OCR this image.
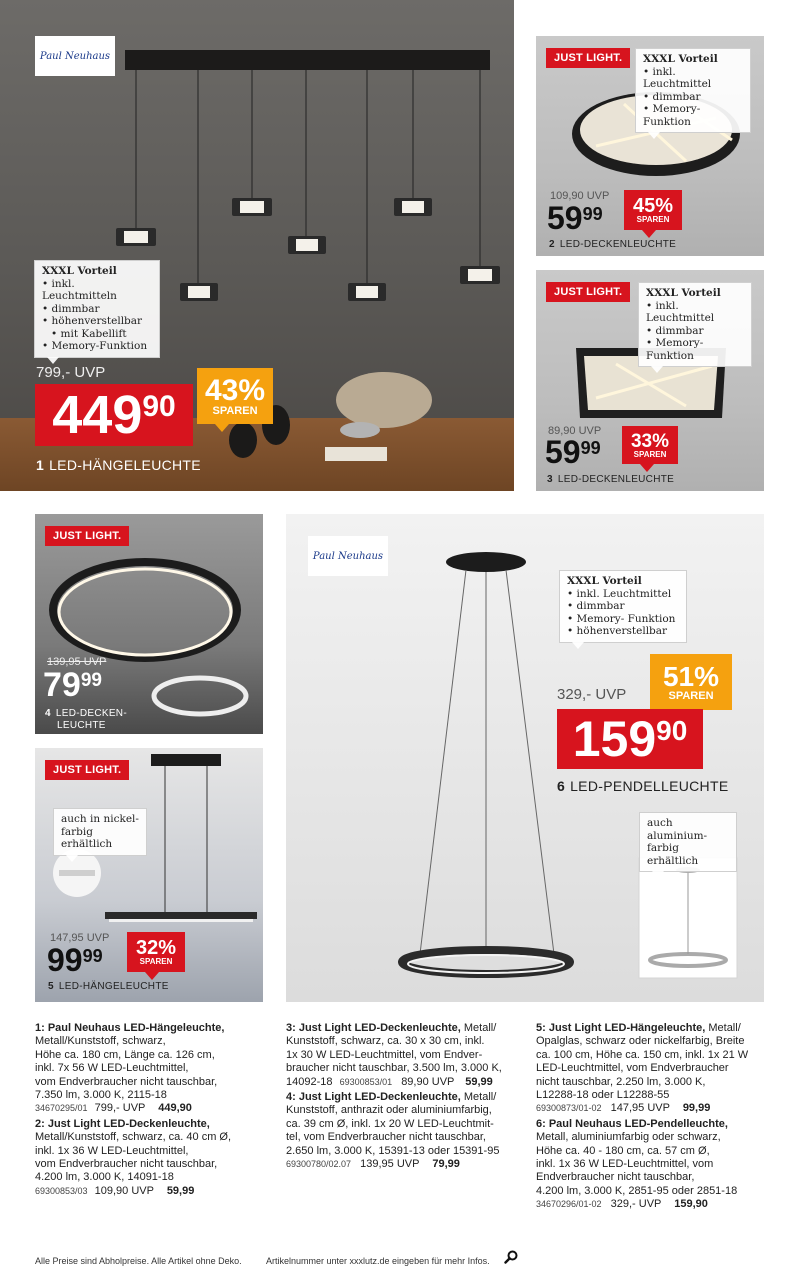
Paul Neuhaus
XXXL Vorteil
• inkl. Leuchtmitteln
• dimmbar
• höhenverstellbar
• mit Kabellift
• Memory-Funktion
799,- UVP
449 90 43%
SPAREN
1 LED-HÄNGELEUCHTE
JUST LIGHT.	XXXL Vorteil
• inkl. Leuchtmittel
• dimmbar
• Memory-Funktion
109,90 UVP
59 99 45%
SPAREN
2 LED-DECKENLEUCHTE
JUST LIGHT.	XXXL Vorteil
• inkl. Leuchtmittel
• dimmbar
• Memory-Funktion
89,90 UVP
59 99 33%
SPAREN
3 LED-DECKENLEUCHTE
JUST LIGHT.
139,95 UVP
79 99
4 LED-DECKEN-
LEUCHTE
JUST LIGHT.
auch in nickel-
farbig erhältlich
147,95 UVP
99 99 32%
SPAREN
5 LED-HÄNGELEUCHTE
Paul Neuhaus
XXXL Vorteil
• inkl. Leuchtmittel
• dimmbar
• Memory- Funktion
• höhenverstellbar
329,- UVP
51%
SPAREN
159 90
6 LED-PENDELLEUCHTE
auch aluminium-
farbig erhältlich
1: Paul Neuhaus LED-Hängeleuchte,
Metall/Kunststoff, schwarz,
Höhe ca. 180 cm, Länge ca. 126 cm,
inkl. 7x 56 W LED-Leuchtmittel,
vom Endverbraucher nicht tauschbar,
7.350 lm, 3.000 K, 2115-18
34670295/01 799,- UVP 449,90
2: Just Light LED-Deckenleuchte,
Metall/Kunststoff, schwarz, ca. 40 cm Ø,
inkl. 1x 36 W LED-Leuchtmittel,
vom Endverbraucher nicht tauschbar,
4.200 lm, 3.000 K, 14091-18
69300853/03 109,90 UVP 59,99
3: Just Light LED-Deckenleuchte, Metall/
Kunststoff, schwarz, ca. 30 x 30 cm, inkl.
1x 30 W LED-Leuchtmittel, vom Endver-
braucher nicht tauschbar, 3.500 lm, 3.000 K,
14092-18 69300853/01 89,90 UVP 59,99
4: Just Light LED-Deckenleuchte, Metall/
Kunststoff, anthrazit oder aluminiumfarbig,
ca. 39 cm Ø, inkl. 1x 20 W LED-Leuchtmit-
tel, vom Endverbraucher nicht tauschbar,
2.650 lm, 3.000 K, 15391-13 oder 15391-95
69300780/02.07 139,95 UVP 79,99
5: Just Light LED-Hängeleuchte, Metall/
Opalglas, schwarz oder nickelfarbig, Breite
ca. 100 cm, Höhe ca. 150 cm, inkl. 1x 21 W
LED-Leuchtmittel, vom Endverbraucher
nicht tauschbar, 2.250 lm, 3.000 K,
L12288-18 oder L12288-55
69300873/01-02 147,95 UVP 99,99
6: Paul Neuhaus LED-Pendelleuchte,
Metall, aluminiumfarbig oder schwarz,
Höhe ca. 40 - 180 cm, ca. 57 cm Ø,
inkl. 1x 36 W LED-Leuchtmittel, vom
Endverbraucher nicht tauschbar,
4.200 lm, 3.000 K, 2851-95 oder 2851-18
34670296/01-02 329,- UVP 159,90
Alle Preise sind Abholpreise. Alle Artikel ohne Deko.	Artikelnummer unter xxxlutz.de eingeben für mehr Infos.
